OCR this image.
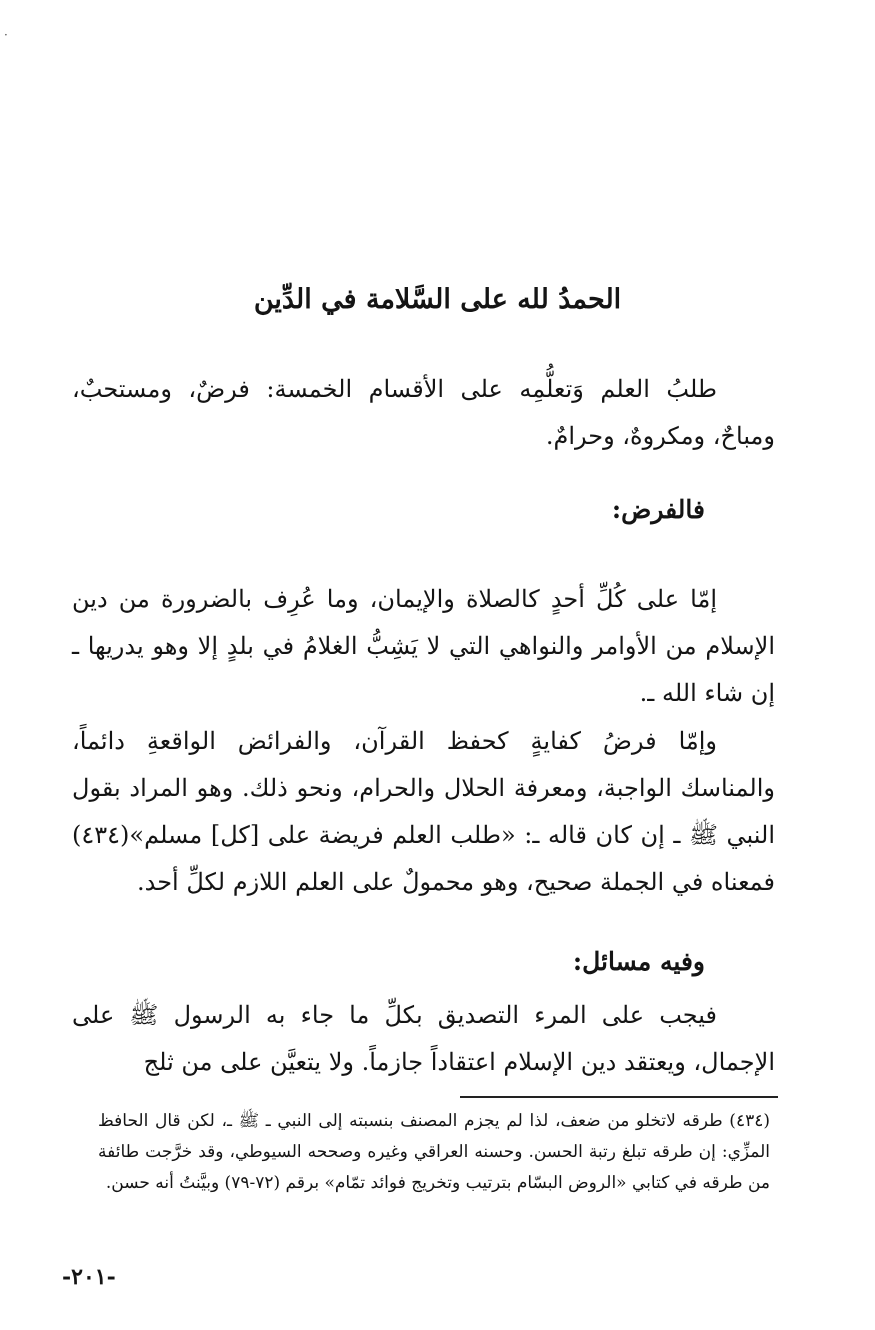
·
الحمدُ لله على السَّلامة في الدِّين

طلبُ العلم وَتعلُّمِه على الأقسام الخمسة: فرضٌ، ومستحبٌ، ومباحٌ، ومكروهٌ، وحرامٌ.

فالفرض:

إمّا على كُلِّ أحدٍ كالصلاة والإيمان، وما عُرِف بالضرورة من دين الإسلام من الأوامر والنواهي التي لا يَشِبُّ الغلامُ في بلدٍ إلا وهو يدريها ـ إن شاء الله ـ.

وإمّا فرضُ كفايةٍ كحفظ القرآن، والفرائض الواقعةِ دائماً، والمناسك الواجبة، ومعرفة الحلال والحرام، ونحو ذلك. وهو المراد بقول النبي ﷺ ـ إن كان قاله ـ: «طلب العلم فريضة على [كل] مسلم»(٤٣٤) فمعناه في الجملة صحيح، وهو محمولٌ على العلم اللازم لكلِّ أحد.

وفيه مسائل:

فيجب على المرء التصديق بكلِّ ما جاء به الرسول ﷺ على الإجمال، ويعتقد دين الإسلام اعتقاداً جازماً. ولا يتعيَّن على من ثلج

(٤٣٤) طرقه لاتخلو من ضعف، لذا لم يجزم المصنف بنسبته إلى النبي ـ ﷺ ـ، لكن قال الحافظ المزِّي: إن طرقه تبلغ رتبة الحسن. وحسنه العراقي وغيره وصححه السيوطي، وقد خرَّجت طائفة من طرقه في كتابي «الروض البسّام بترتيب وتخريج فوائد تمّام» برقم (٧٢-٧٩) وبيَّنتُ أنه حسن.

-٢٠١-
